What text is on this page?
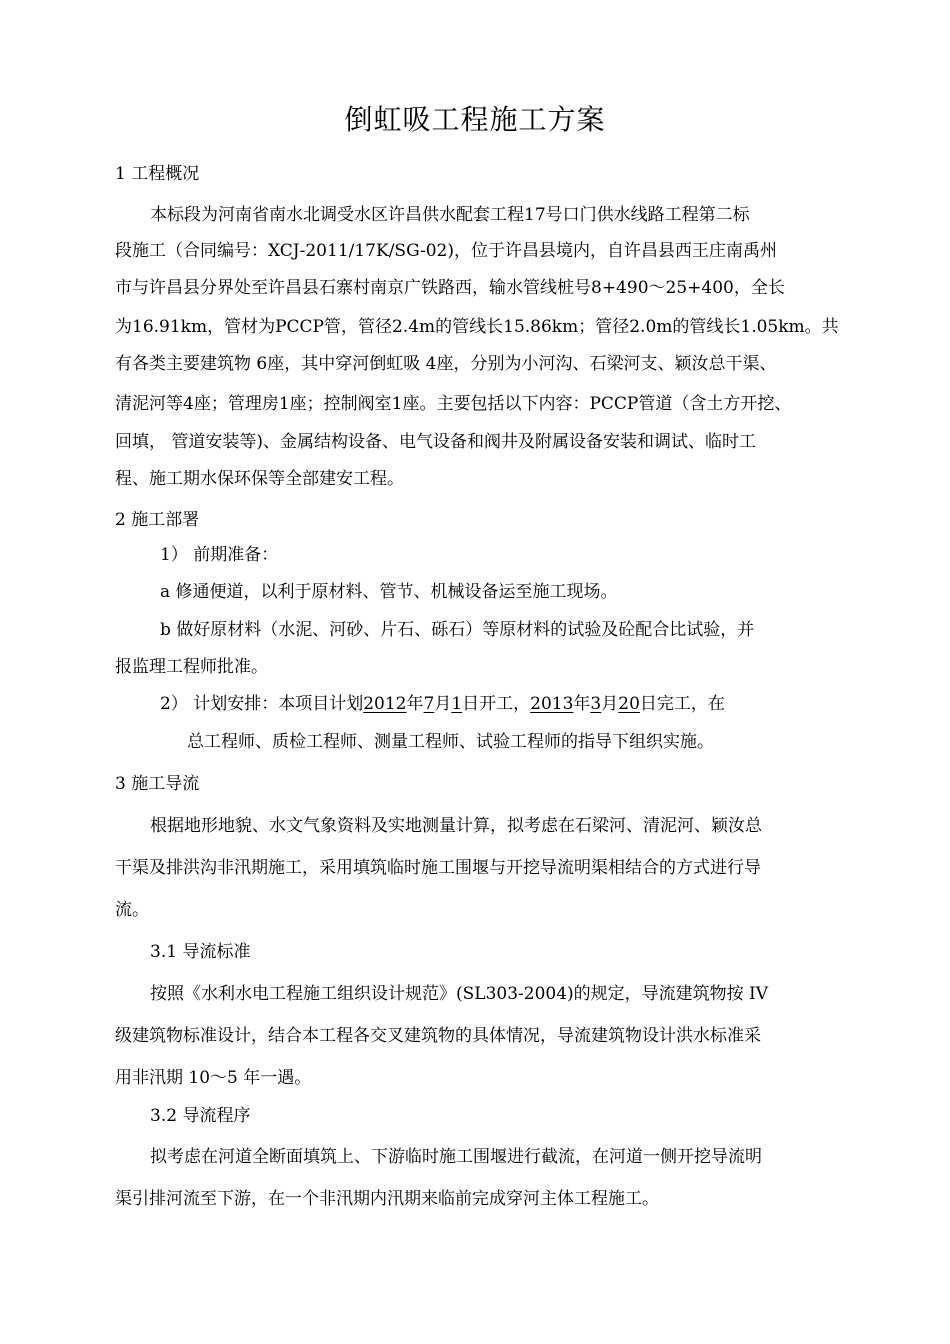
倒虹吸工程施工方案
1 工程概况
本标段为河南省南水北调受水区许昌供水配套工程17号口门供水线路工程第二标
段施工（合同编号：XCJ-2011/17K/SG-02)，位于许昌县境内，自许昌县西王庄南禹州
市与许昌县分界处至许昌县石寨村南京广铁路西，输水管线桩号8+490～25+400，全长
为16.91km，管材为PCCP管，管径2.4m的管线长15.86km；管径2.0m的管线长1.05km。共
有各类主要建筑物 6座，其中穿河倒虹吸 4座，分别为小河沟、石梁河支、颖汝总干渠、
清泥河等4座；管理房1座；控制阀室1座。主要包括以下内容：PCCP管道（含土方开挖、
回填， 管道安装等)、金属结构设备、电气设备和阀井及附属设备安装和调试、临时工
程、施工期水保环保等全部建安工程。
2 施工部署
1） 前期准备：
a 修通便道，以利于原材料、管节、机械设备运至施工现场。
b 做好原材料（水泥、河砂、片石、砾石）等原材料的试验及砼配合比试验，并
报监理工程师批准。
2） 计划安排：本项目计划2012年7月1日开工，2013年3月20日完工，在
总工程师、质检工程师、测量工程师、试验工程师的指导下组织实施。
3 施工导流
根据地形地貌、水文气象资料及实地测量计算，拟考虑在石梁河、清泥河、颖汝总
干渠及排洪沟非汛期施工，采用填筑临时施工围堰与开挖导流明渠相结合的方式进行导
流。
3.1 导流标准
按照《水利水电工程施工组织设计规范》(SL303-2004)的规定，导流建筑物按 IV
级建筑物标准设计，结合本工程各交叉建筑物的具体情况，导流建筑物设计洪水标准采
用非汛期 10～5 年一遇。
3.2 导流程序
拟考虑在河道全断面填筑上、下游临时施工围堰进行截流，在河道一侧开挖导流明
渠引排河流至下游，在一个非汛期内汛期来临前完成穿河主体工程施工。
